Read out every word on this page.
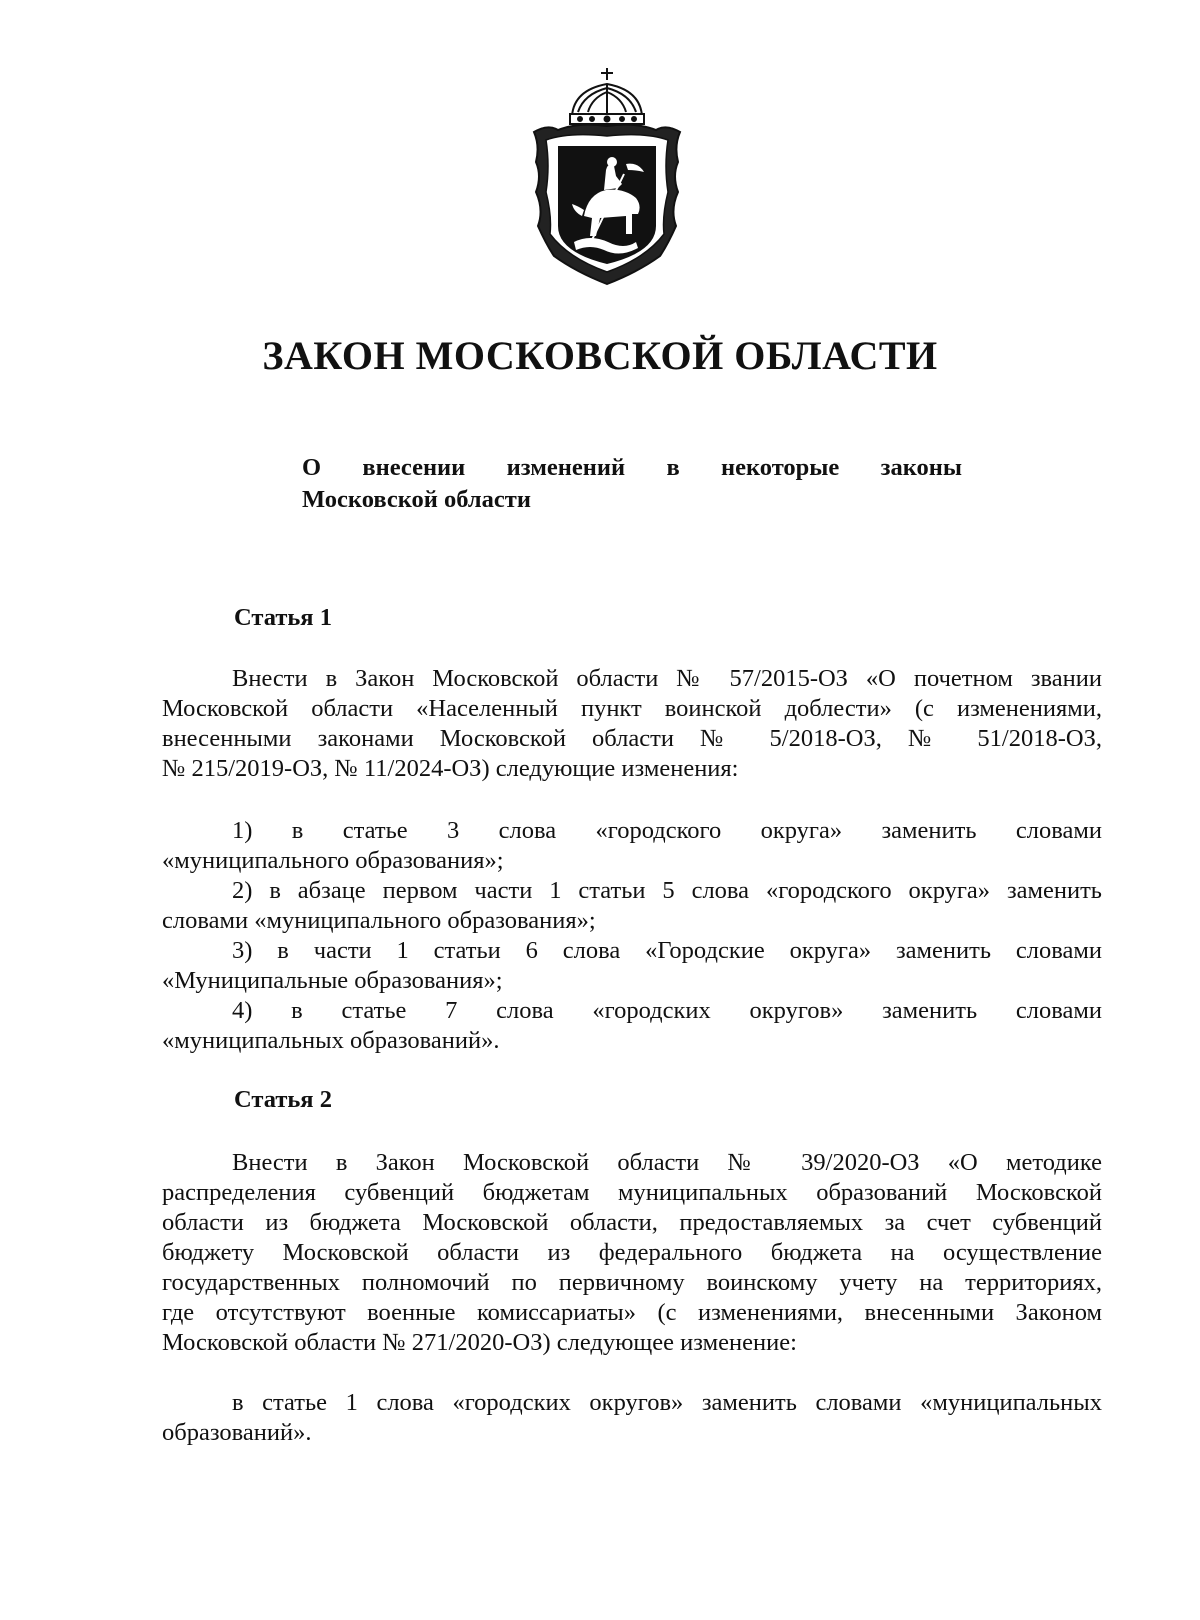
ЗАКОН МОСКОВСКОЙ ОБЛАСТИ
О внесении изменений в некоторые законы
Московской области
Статья 1
Внести в Закон Московской области № 57/2015-ОЗ «О почетном звании
Московской области «Населенный пункт воинской доблести» (с изменениями,
внесенными законами Московской области № 5/2018-ОЗ, № 51/2018-ОЗ,
№ 215/2019-ОЗ, № 11/2024-ОЗ) следующие изменения:
1) в статье 3 слова «городского округа» заменить словами
«муниципального образования»;
2) в абзаце первом части 1 статьи 5 слова «городского округа» заменить
словами «муниципального образования»;
3) в части 1 статьи 6 слова «Городские округа» заменить словами
«Муниципальные образования»;
4) в статье 7 слова «городских округов» заменить словами
«муниципальных образований».
Статья 2
Внести в Закон Московской области № 39/2020-ОЗ «О методике
распределения субвенций бюджетам муниципальных образований Московской
области из бюджета Московской области, предоставляемых за счет субвенций
бюджету Московской области из федерального бюджета на осуществление
государственных полномочий по первичному воинскому учету на территориях,
где отсутствуют военные комиссариаты» (с изменениями, внесенными Законом
Московской области № 271/2020-ОЗ) следующее изменение:
в статье 1 слова «городских округов» заменить словами «муниципальных
образований».
